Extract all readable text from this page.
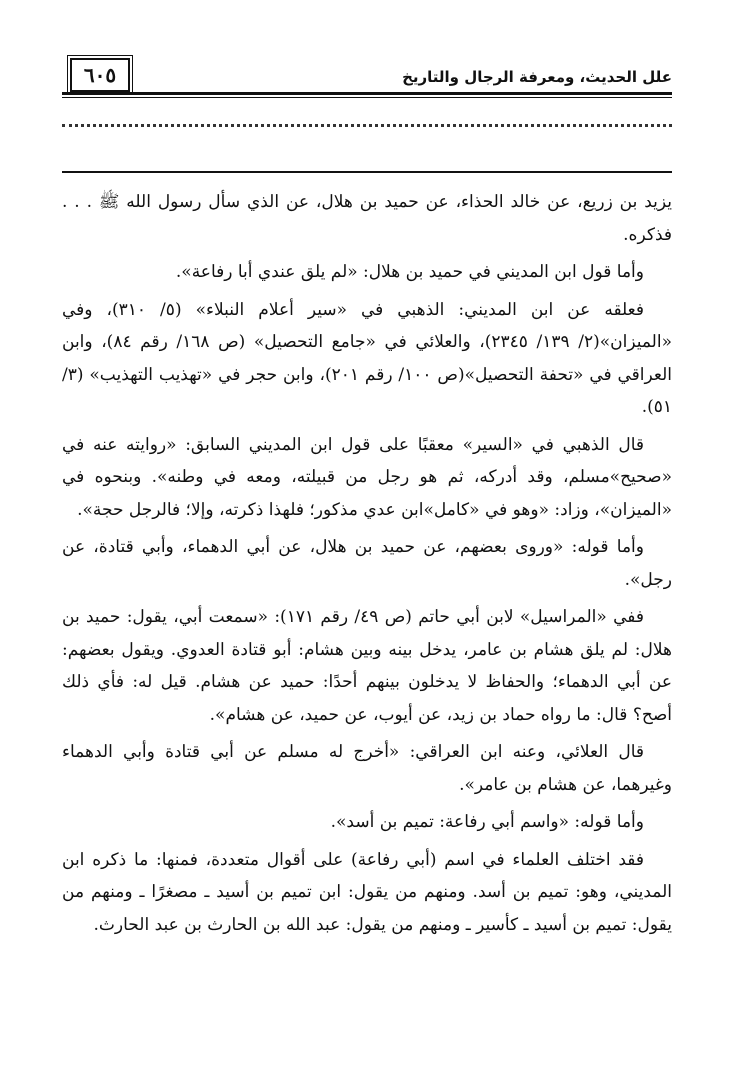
٦٠٥	علل الحديث، ومعرفة الرجال والتاريخ

يزيد بن زريع، عن خالد الحذاء، عن حميد بن هلال، عن الذي سأل رسول الله ﷺ . . . فذكره.

وأما قول ابن المديني في حميد بن هلال: «لم يلق عندي أبا رفاعة».

فعلقه عن ابن المديني: الذهبي في «سير أعلام النبلاء» (٥/ ٣١٠)، وفي «الميزان»(٢/ ١٣٩/ ٢٣٤٥)، والعلائي في «جامع التحصيل» (ص ١٦٨/ رقم ٨٤)، وابن العراقي في «تحفة التحصيل»(ص ١٠٠/ رقم ٢٠١)، وابن حجر في «تهذيب التهذيب» (٣/ ٥١).

قال الذهبي في «السير» معقبًا على قول ابن المديني السابق: «روايته عنه في «صحيح»مسلم، وقد أدركه، ثم هو رجل من قبيلته، ومعه في وطنه». وبنحوه في «الميزان»، وزاد: «وهو في «كامل»ابن عدي مذكور؛ فلهذا ذكرته، وإلا؛ فالرجل حجة».

وأما قوله: «وروى بعضهم، عن حميد بن هلال، عن أبي الدهماء، وأبي قتادة، عن رجل».

ففي «المراسيل» لابن أبي حاتم (ص ٤٩/ رقم ١٧١): «سمعت أبي، يقول: حميد بن هلال: لم يلق هشام بن عامر، يدخل بينه وبين هشام: أبو قتادة العدوي. ويقول بعضهم: عن أبي الدهماء؛ والحفاظ لا يدخلون بينهم أحدًا: حميد عن هشام. قيل له: فأي ذلك أصح؟ قال: ما رواه حماد بن زيد، عن أيوب، عن حميد، عن هشام».

قال العلائي، وعنه ابن العراقي: «أخرج له مسلم عن أبي قتادة وأبي الدهماء وغيرهما، عن هشام بن عامر».

وأما قوله: «واسم أبي رفاعة: تميم بن أسد».

فقد اختلف العلماء في اسم (أبي رفاعة) على أقوال متعددة، فمنها: ما ذكره ابن المديني، وهو: تميم بن أسد. ومنهم من يقول: ابن تميم بن أسيد ـ مصغرًا ـ ومنهم من يقول: تميم بن أسيد ـ كأسير ـ ومنهم من يقول: عبد الله بن الحارث بن عبد الحارث.
